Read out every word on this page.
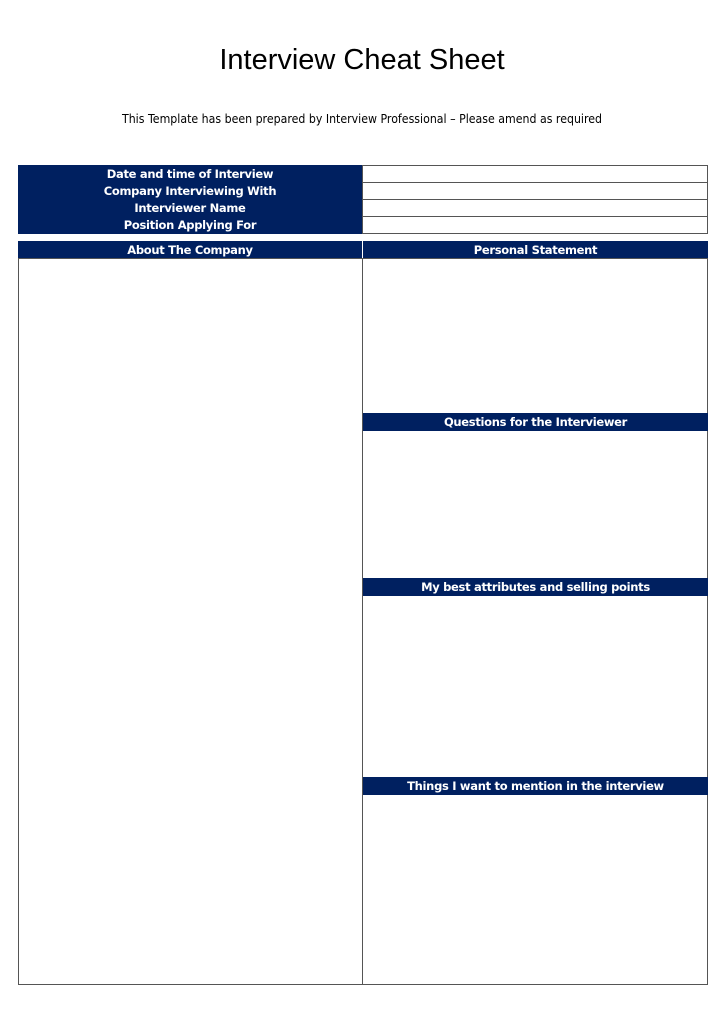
Interview Cheat Sheet
This Template has been prepared by Interview Professional – Please amend as required
Date and time of Interview
Company Interviewing With
Interviewer Name
Position Applying For
About The Company	Personal Statement
Questions for the Interviewer
My best attributes and selling points
Things I want to mention in the interview
